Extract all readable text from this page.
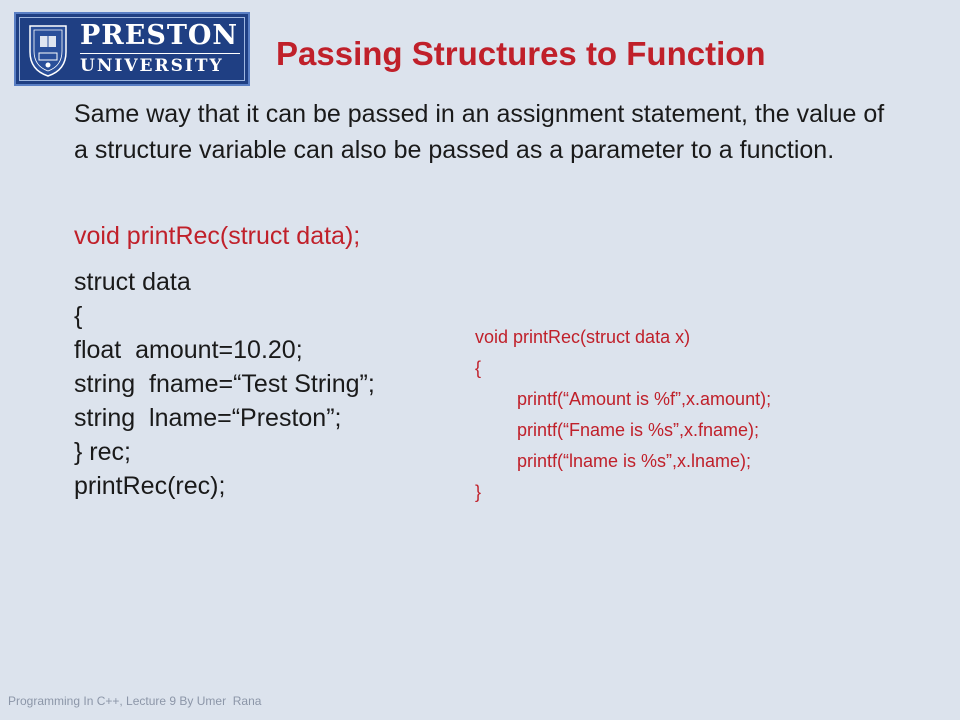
PRESTON
UNIVERSITY Passing Structures to Function

Same way that it can be passed in an assignment statement, the value of a structure variable can also be passed as a parameter to a function.

void printRec(struct data);
struct data
{
float  amount=10.20;
string  fname=“Test String”;
string  lname=“Preston”;
} rec;
printRec(rec);
void printRec(struct data x)
{
printf(“Amount is %f”,x.amount);
printf(“Fname is %s”,x.fname);
printf(“lname is %s”,x.lname);
}
Programming In C++, Lecture 9 By Umer  Rana
